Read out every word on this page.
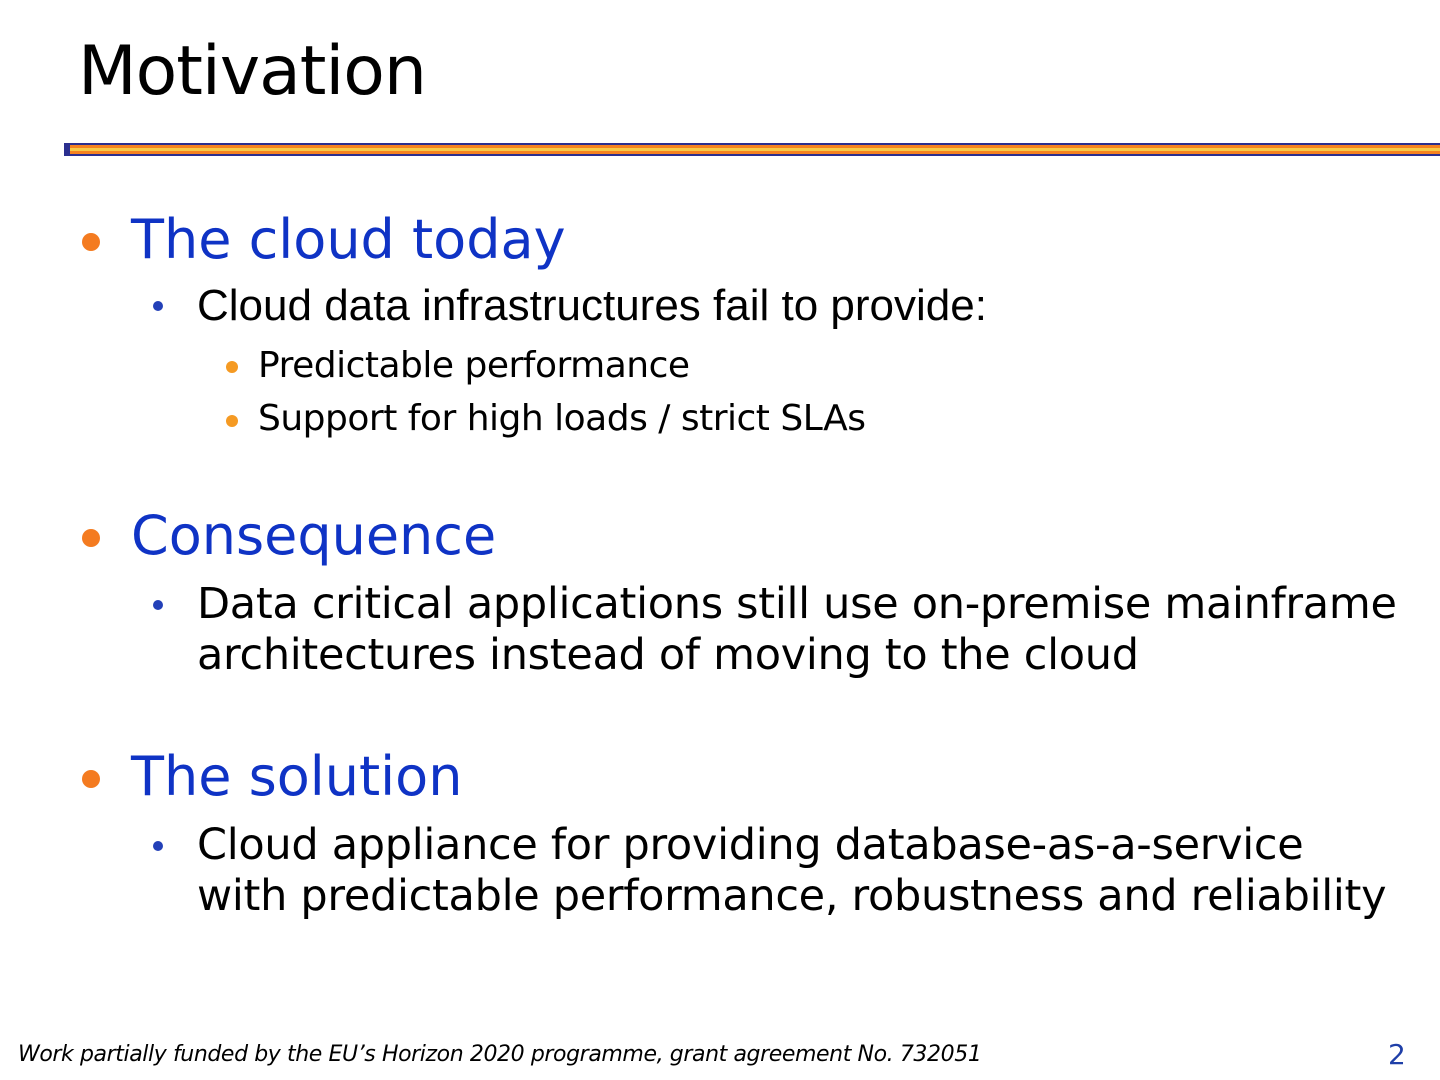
Motivation
The cloud today
Cloud data infrastructures fail to provide:
Predictable performance
Support for high loads / strict SLAs
Consequence
Data critical applications still use on-premise mainframe
architectures instead of moving to the cloud
The solution
Cloud appliance for providing database-as-a-service
with predictable performance, robustness and reliability
Work partially funded by the EU’s Horizon 2020 programme, grant agreement No. 732051	2
